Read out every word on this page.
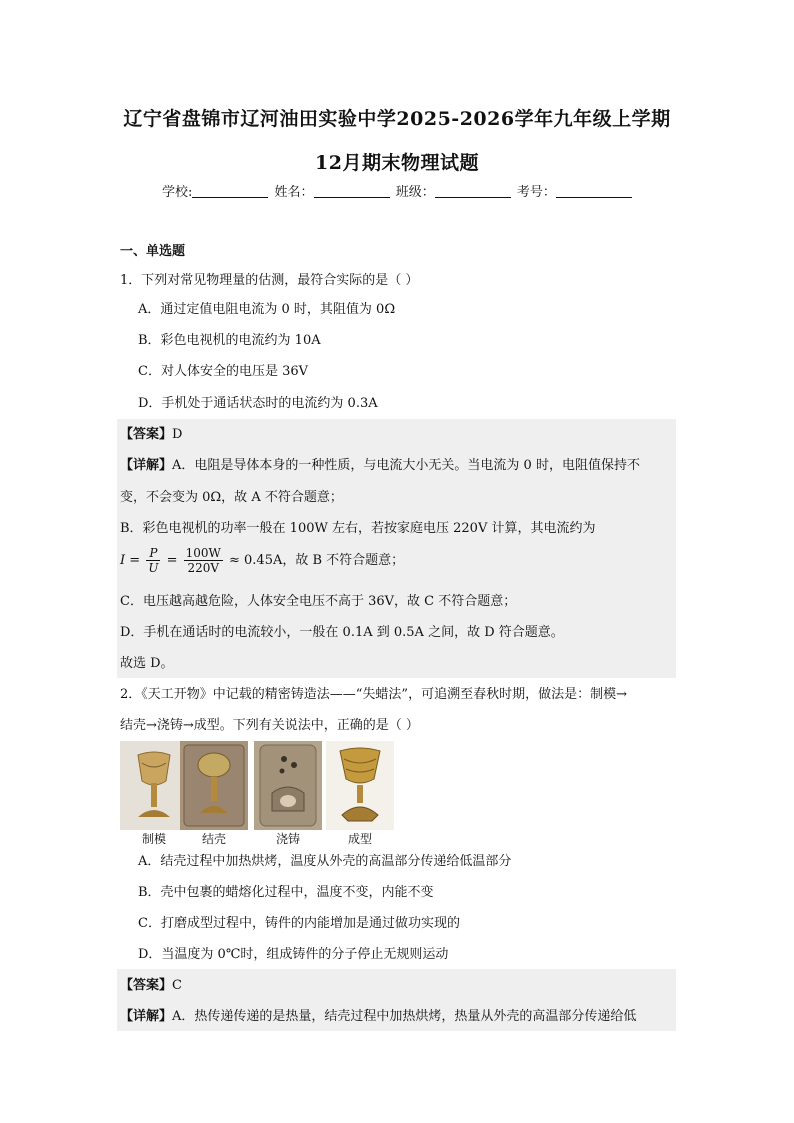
辽宁省盘锦市辽河油田实验中学2025-2026学年九年级上学期
12月期末物理试题
学校:	姓名：	班级：	考号：
一、单选题
1．下列对常见物理量的估测，最符合实际的是（ ）
A．通过定值电阻电流为 0 时，其阻值为 0Ω
B．彩色电视机的电流约为 10A
C．对人体安全的电压是 36V
D．手机处于通话状态时的电流约为 0.3A
【答案】D
【详解】A．电阻是导体本身的一种性质，与电流大小无关。当电流为 0 时，电阻值保持不
变，不会变为 0Ω，故 A 不符合题意；
B．彩色电视机的功率一般在 100W 左右，若按家庭电压 220V 计算，其电流约为
$I = \frac{P}{U} = \frac{100W}{220V} \approx 0.45A$，故 B 不符合题意；
C．电压越高越危险，人体安全电压不高于 36V，故 C 不符合题意；
D．手机在通话时的电流较小，一般在 0.1A 到 0.5A 之间，故 D 符合题意。
故选 D。
2．《天工开物》中记载的精密铸造法——“失蜡法”，可追溯至春秋时期，做法是：制模→
结壳→浇铸→成型。下列有关说法中，正确的是（ ）
制模	结壳	浇铸	成型
A．结壳过程中加热烘烤，温度从外壳的高温部分传递给低温部分
B．壳中包裹的蜡熔化过程中，温度不变，内能不变
C．打磨成型过程中，铸件的内能增加是通过做功实现的
D．当温度为 0℃时，组成铸件的分子停止无规则运动
【答案】C
【详解】A．热传递传递的是热量，结壳过程中加热烘烤，热量从外壳的高温部分传递给低
